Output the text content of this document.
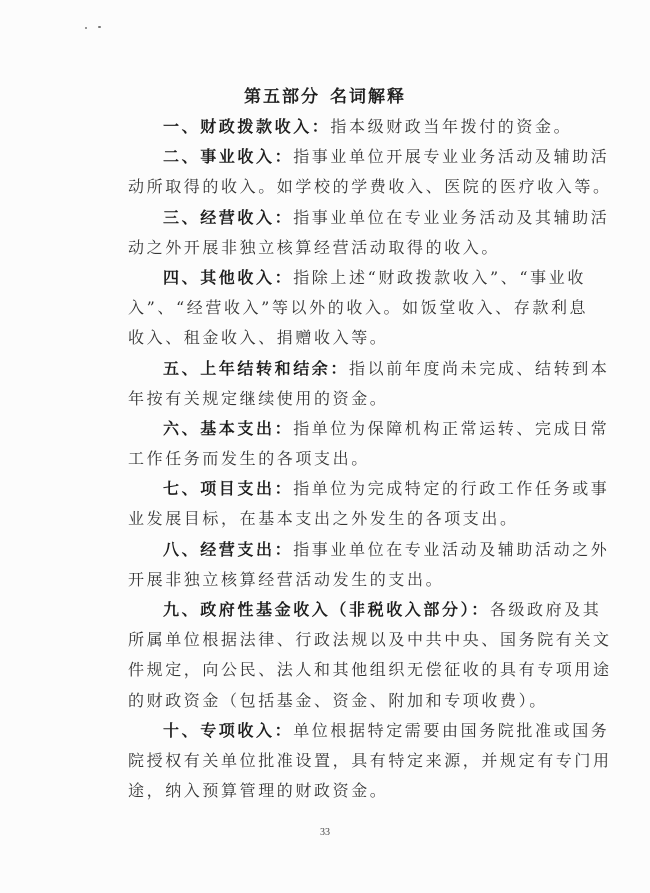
第五部分 名词解释
一、财政拨款收入：指本级财政当年拨付的资金。
二、事业收入：指事业单位开展专业业务活动及辅助活
动所取得的收入。如学校的学费收入、医院的医疗收入等。
三、经营收入：指事业单位在专业业务活动及其辅助活
动之外开展非独立核算经营活动取得的收入。
四、其他收入：指除上述“财政拨款收入”、“事业收
入”、“经营收入”等以外的收入。如饭堂收入、存款利息
收入、租金收入、捐赠收入等。
五、上年结转和结余：指以前年度尚未完成、结转到本
年按有关规定继续使用的资金。
六、基本支出：指单位为保障机构正常运转、完成日常
工作任务而发生的各项支出。
七、项目支出：指单位为完成特定的行政工作任务或事
业发展目标，在基本支出之外发生的各项支出。
八、经营支出：指事业单位在专业活动及辅助活动之外
开展非独立核算经营活动发生的支出。
九、政府性基金收入（非税收入部分）：各级政府及其
所属单位根据法律、行政法规以及中共中央、国务院有关文
件规定，向公民、法人和其他组织无偿征收的具有专项用途
的财政资金（包括基金、资金、附加和专项收费）。
十、专项收入：单位根据特定需要由国务院批准或国务
院授权有关单位批准设置，具有特定来源，并规定有专门用
途，纳入预算管理的财政资金。
33
